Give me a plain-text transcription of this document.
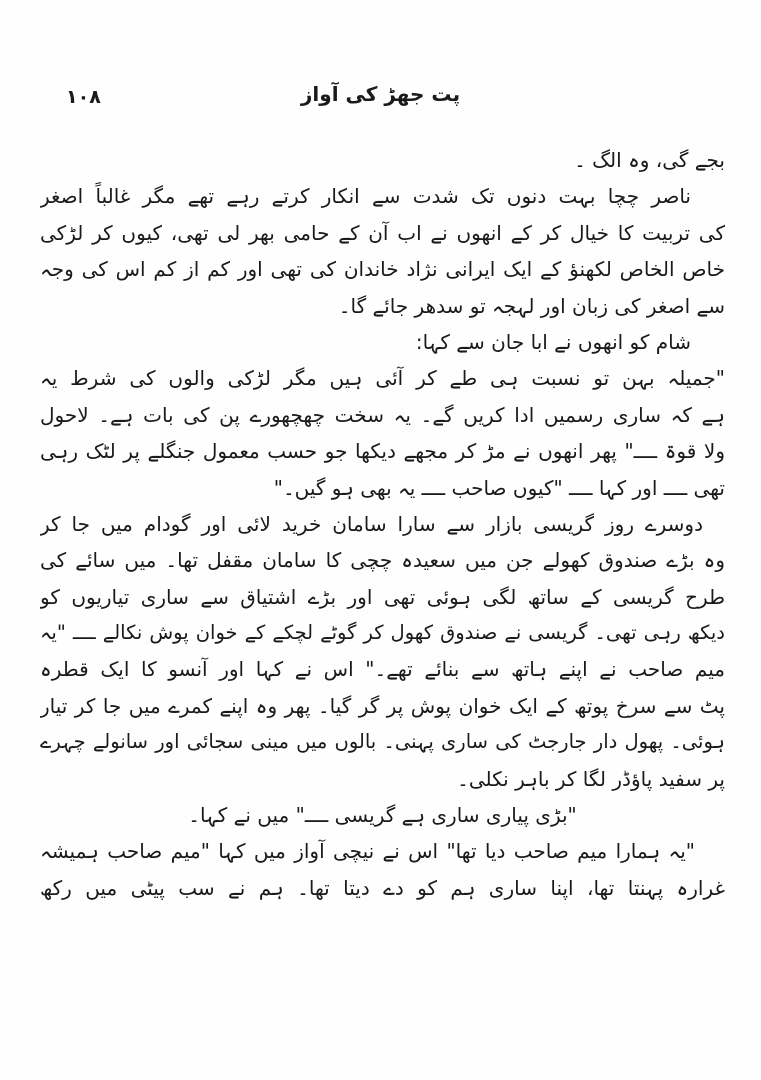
۱۰۸	پت جھڑ کی آواز
بجے گی، وہ الگ ۔
ناصر چچا بہت دنوں تک شدت سے انکار کرتے رہے تھے مگر غالباً اصغر
کی تربیت کا خیال کر کے انھوں نے اب آن کے حامی بھر لی تھی، کیوں کر لڑکی
خاص الخاص لکھنؤ کے ایک ایرانی نژاد خاندان کی تھی اور کم از کم اس کی وجہ
سے اصغر کی زبان اور لہجہ تو سدھر جائے گا۔
شام کو انھوں نے ابا جان سے کہا:
"جمیلہ بہن تو نسبت ہی طے کر آئی ہیں مگر لڑکی والوں کی شرط یہ
ہے کہ ساری رسمیں ادا کریں گے۔ یہ سخت چھچھورے پن کی بات ہے۔ لاحول
ولا قوۃ ــــ" پھر انھوں نے مڑ کر مجھے دیکھا جو حسب معمول جنگلے پر لٹک رہی
تھی ــــ اور کہا ــــ "کیوں صاحب ــــ یہ بھی ہو گیں۔"
دوسرے روز گریسی بازار سے سارا سامان خرید لائی اور گودام میں جا کر
وہ بڑے صندوق کھولے جن میں سعیدہ چچی کا سامان مقفل تھا۔ میں سائے کی
طرح گریسی کے ساتھ لگی ہوئی تھی اور بڑے اشتیاق سے ساری تیاریوں کو
دیکھ رہی تھی۔ گریسی نے صندوق کھول کر گوٹے لچکے کے خوان پوش نکالے ــــ "یہ
میم صاحب نے اپنے ہاتھ سے بنائے تھے۔" اس نے کہا اور آنسو کا ایک قطرہ
پٹ سے سرخ پوتھ کے ایک خوان پوش پر گر گیا۔ پھر وہ اپنے کمرے میں جا کر تیار
ہوئی۔ پھول دار جارجٹ کی ساری پہنی۔ بالوں میں مینی سجائی اور سانولے چہرے
پر سفید پاؤڈر لگا کر باہر نکلی۔
"بڑی پیاری ساری ہے گریسی ــــ" میں نے کہا۔
"یہ ہمارا میم صاحب دیا تھا" اس نے نیچی آواز میں کہا "میم صاحب ہمیشہ
غرارہ پہنتا تھا، اپنا ساری ہم کو دے دیتا تھا۔ ہم نے سب پیٹی میں رکھ
